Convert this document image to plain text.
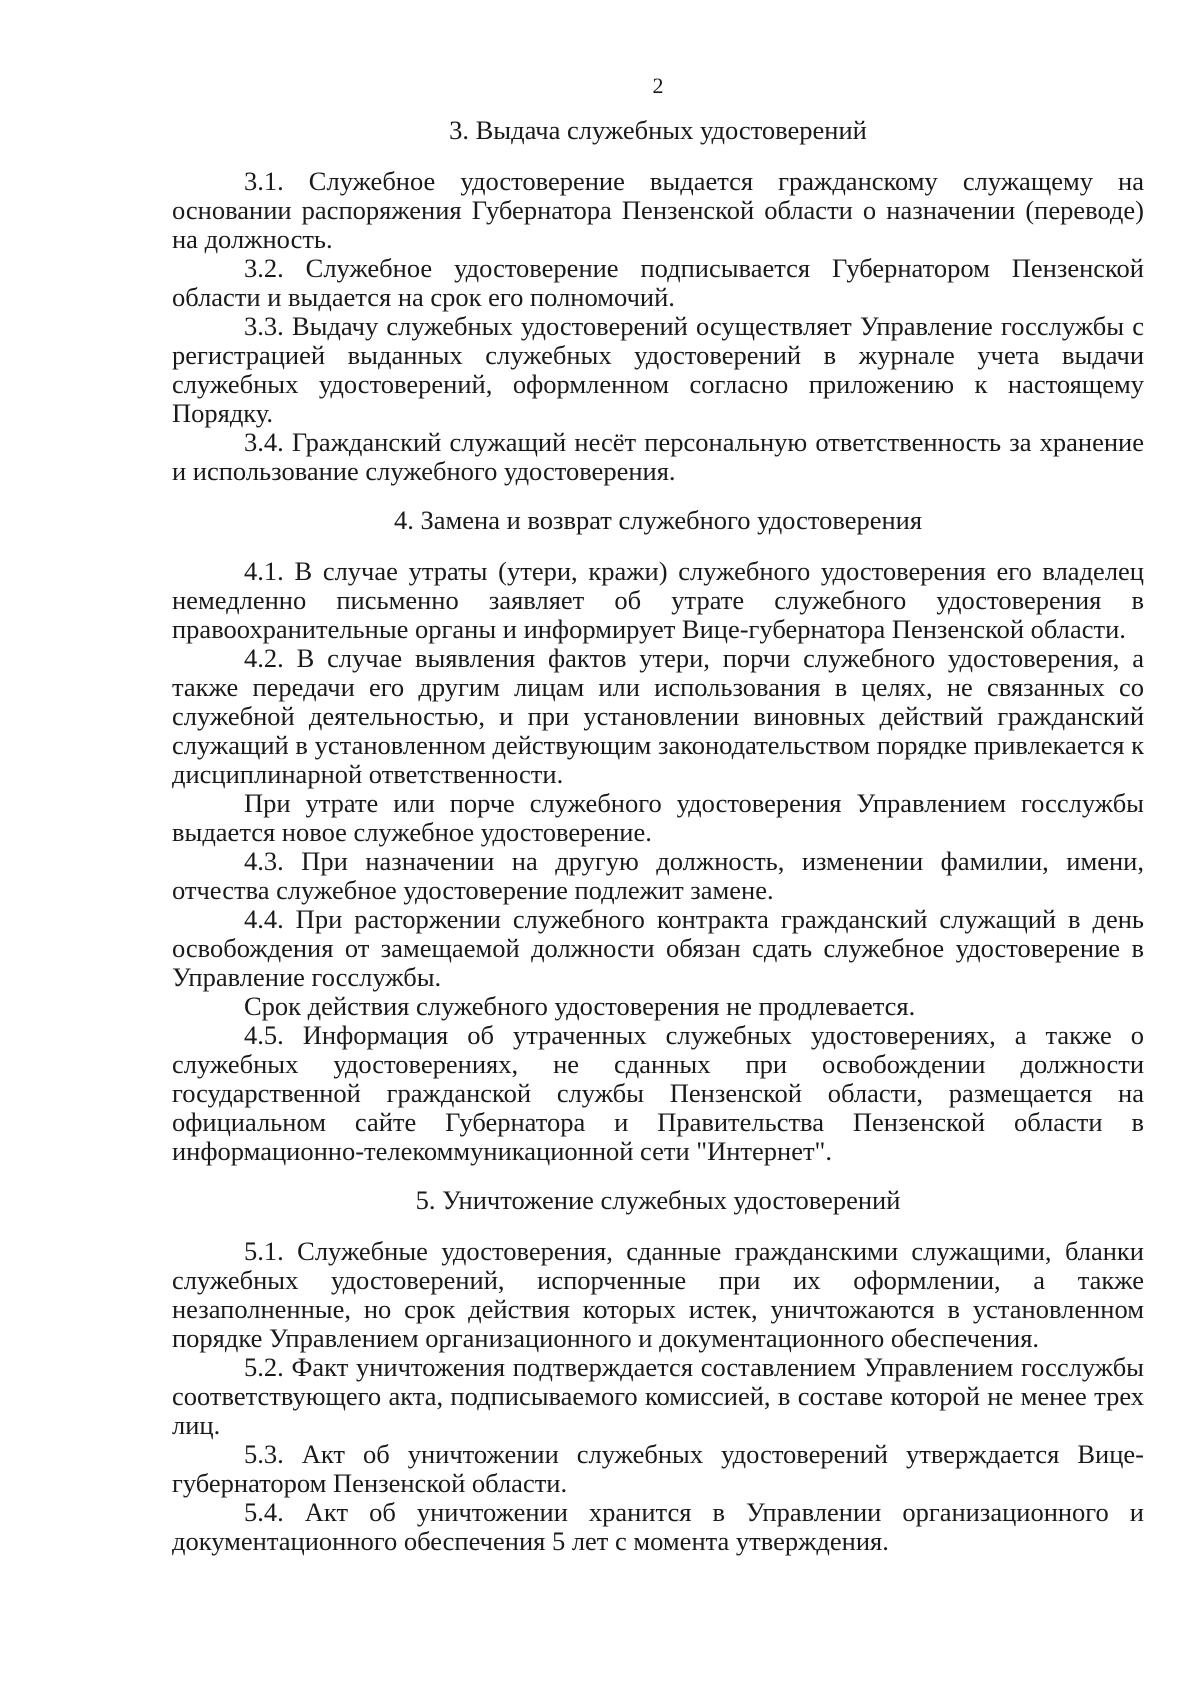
2
3. Выдача служебных удостоверений

3.1. Служебное удостоверение выдается гражданскому служащему на основании распоряжения Губернатора Пензенской области о назначении (переводе) на должность.

3.2. Служебное удостоверение подписывается Губернатором Пензенской области и выдается на срок его полномочий.

3.3. Выдачу служебных удостоверений осуществляет Управление госслужбы с регистрацией выданных служебных удостоверений в журнале учета выдачи служебных удостоверений, оформленном согласно приложению к настоящему Порядку.

3.4. Гражданский служащий несёт персональную ответственность за хранение и использование служебного удостоверения.

4. Замена и возврат служебного удостоверения

4.1. В случае утраты (утери, кражи) служебного удостоверения его владелец немедленно письменно заявляет об утрате служебного удостоверения в правоохранительные органы и информирует Вице-губернатора Пензенской области.

4.2. В случае выявления фактов утери, порчи служебного удостоверения, а также передачи его другим лицам или использования в целях, не связанных со служебной деятельностью, и при установлении виновных действий гражданский служащий в установленном действующим законодательством порядке привлекается к дисциплинарной ответственности.

При утрате или порче служебного удостоверения Управлением госслужбы выдается новое служебное удостоверение.

4.3. При назначении на другую должность, изменении фамилии, имени, отчества служебное удостоверение подлежит замене.

4.4. При расторжении служебного контракта гражданский служащий в день освобождения от замещаемой должности обязан сдать служебное удостоверение в Управление госслужбы.

Срок действия служебного удостоверения не продлевается.

4.5. Информация об утраченных служебных удостоверениях, а также о служебных удостоверениях, не сданных при освобождении должности государственной гражданской службы Пензенской области, размещается на официальном сайте Губернатора и Правительства Пензенской области в информационно-телекоммуникационной сети "Интернет".

5. Уничтожение служебных удостоверений

5.1. Служебные удостоверения, сданные гражданскими служащими, бланки служебных удостоверений, испорченные при их оформлении, а также незаполненные, но срок действия которых истек, уничтожаются в установленном порядке Управлением организационного и документационного обеспечения.

5.2. Факт уничтожения подтверждается составлением Управлением госслужбы соответствующего акта, подписываемого комиссией, в составе которой не менее трех лиц.

5.3. Акт об уничтожении служебных удостоверений утверждается Вице-губернатором Пензенской области.

5.4. Акт об уничтожении хранится в Управлении организационного и документационного обеспечения 5 лет с момента утверждения.
